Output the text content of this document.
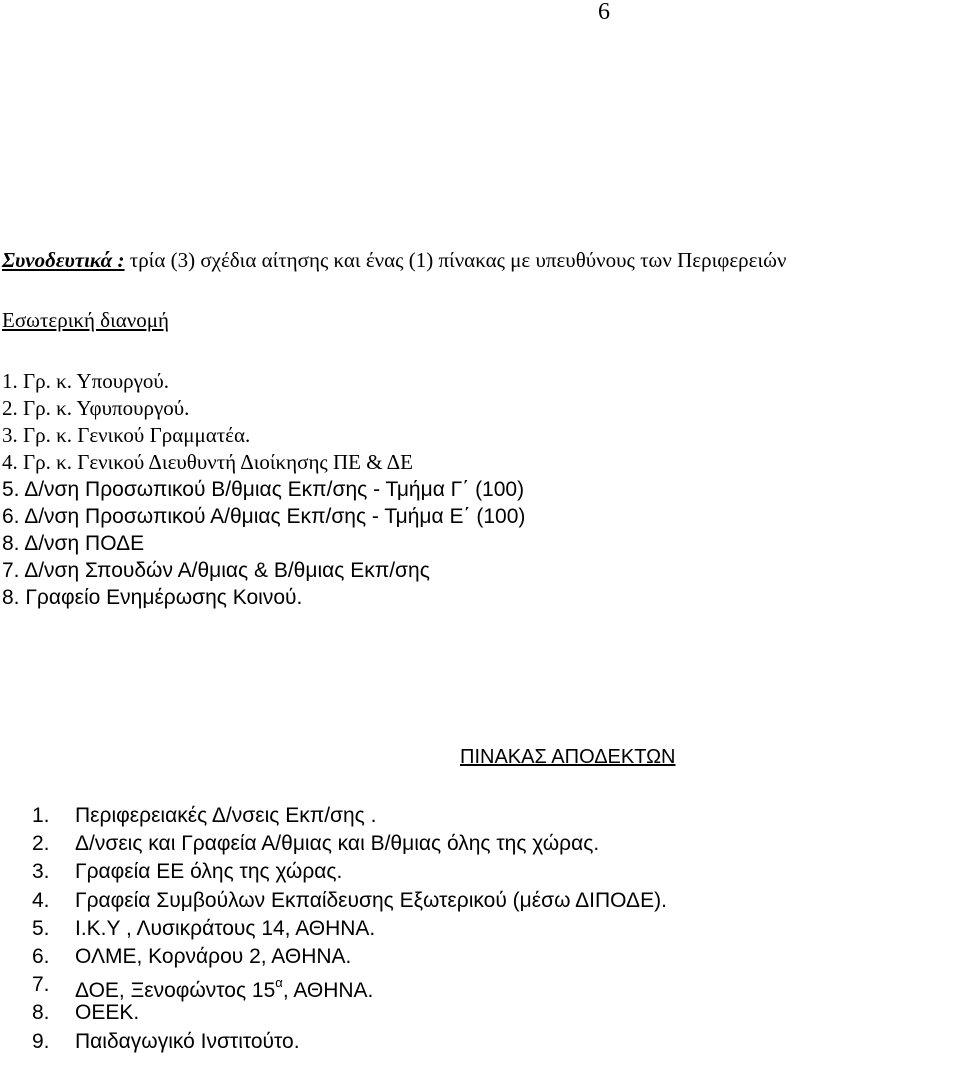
6
Συνοδευτικά : τρία (3) σχέδια αίτησης και ένας (1) πίνακας με υπευθύνους των Περιφερειών
Εσωτερική διανομή
1. Γρ. κ. Υπουργού.
2. Γρ. κ. Υφυπουργού.
3. Γρ. κ. Γενικού Γραμματέα.
4. Γρ. κ. Γενικού Διευθυντή Διοίκησης ΠΕ & ΔΕ
5. Δ/νση Προσωπικού Β/θμιας Εκπ/σης - Τμήμα Γ΄ (100)
6. Δ/νση Προσωπικού Α/θμιας Εκπ/σης - Τμήμα Ε΄ (100)
8. Δ/νση ΠΟΔΕ
7. Δ/νση Σπουδών Α/θμιας & Β/θμιας Εκπ/σης
8. Γραφείο Ενημέρωσης Κοινού.
ΠΙΝΑΚΑΣ ΑΠΟΔΕΚΤΩΝ
1.	Περιφερειακές Δ/νσεις Εκπ/σης .
2.	Δ/νσεις και Γραφεία Α/θμιας και Β/θμιας όλης της χώρας.
3.	Γραφεία ΕΕ όλης της χώρας.
4.	Γραφεία Συμβούλων Εκπαίδευσης Εξωτερικού (μέσω ΔΙΠΟΔΕ).
5.	Ι.Κ.Υ , Λυσικράτους 14, ΑΘΗΝΑ.
6.	ΟΛΜΕ, Κορνάρου 2, ΑΘΗΝΑ.
7.	ΔΟΕ, Ξενοφώντος $15^\alpha$, ΑΘΗΝΑ.
8.	ΟΕΕΚ.
9.	Παιδαγωγικό Ινστιτούτο.
